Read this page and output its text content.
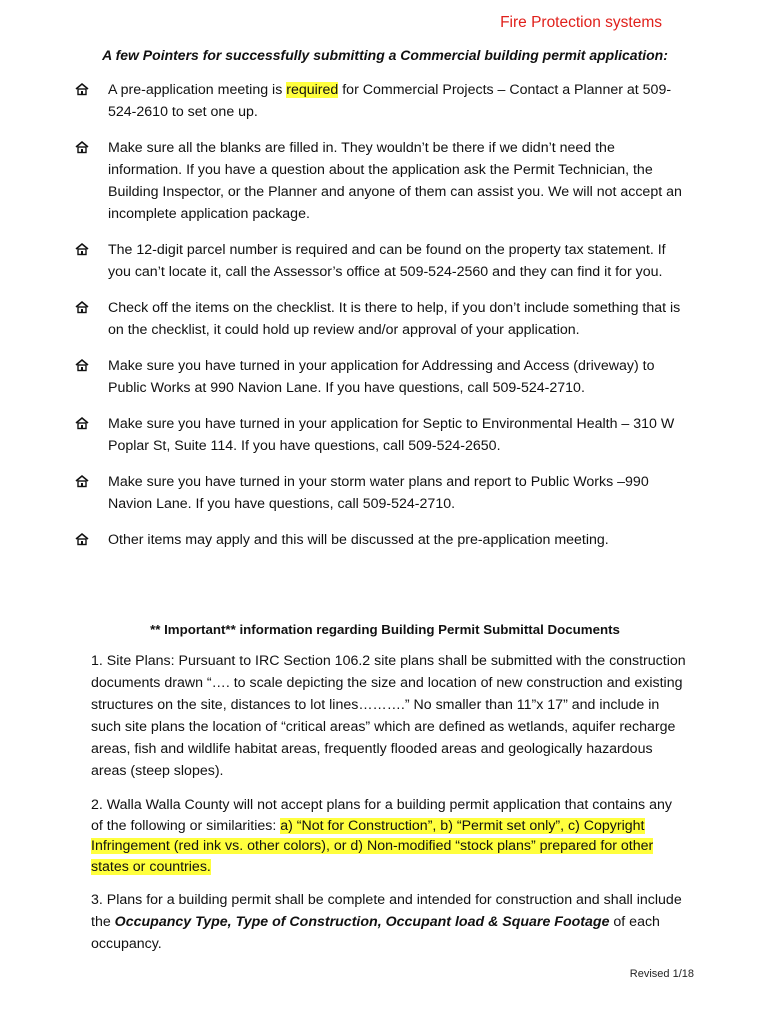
Fire Protection systems
A few Pointers for successfully submitting a Commercial building permit application:
A pre-application meeting is required for Commercial Projects – Contact a Planner at 509-524-2610 to set one up.
Make sure all the blanks are filled in. They wouldn’t be there if we didn’t need the information. If you have a question about the application ask the Permit Technician, the Building Inspector, or the Planner and anyone of them can assist you. We will not accept an incomplete application package.
The 12-digit parcel number is required and can be found on the property tax statement. If you can’t locate it, call the Assessor’s office at 509-524-2560 and they can find it for you.
Check off the items on the checklist. It is there to help, if you don’t include something that is on the checklist, it could hold up review and/or approval of your application.
Make sure you have turned in your application for Addressing and Access (driveway) to Public Works at 990 Navion Lane. If you have questions, call 509-524-2710.
Make sure you have turned in your application for Septic to Environmental Health – 310 W Poplar St, Suite 114. If you have questions, call 509-524-2650.
Make sure you have turned in your storm water plans and report to Public Works –990 Navion Lane. If you have questions, call 509-524-2710.
Other items may apply and this will be discussed at the pre-application meeting.
** Important** information regarding Building Permit Submittal Documents
1. Site Plans: Pursuant to IRC Section 106.2 site plans shall be submitted with the construction documents drawn “…. to scale depicting the size and location of new construction and existing structures on the site, distances to lot lines……….” No smaller than 11”x 17” and include in such site plans the location of “critical areas” which are defined as wetlands, aquifer recharge areas, fish and wildlife habitat areas, frequently flooded areas and geologically hazardous areas (steep slopes).
2. Walla Walla County will not accept plans for a building permit application that contains any of the following or similarities: a) “Not for Construction”, b) “Permit set only”, c) Copyright Infringement (red ink vs. other colors), or d) Non-modified “stock plans” prepared for other states or countries.
3. Plans for a building permit shall be complete and intended for construction and shall include the Occupancy Type, Type of Construction, Occupant load & Square Footage of each occupancy.
Revised 1/18
